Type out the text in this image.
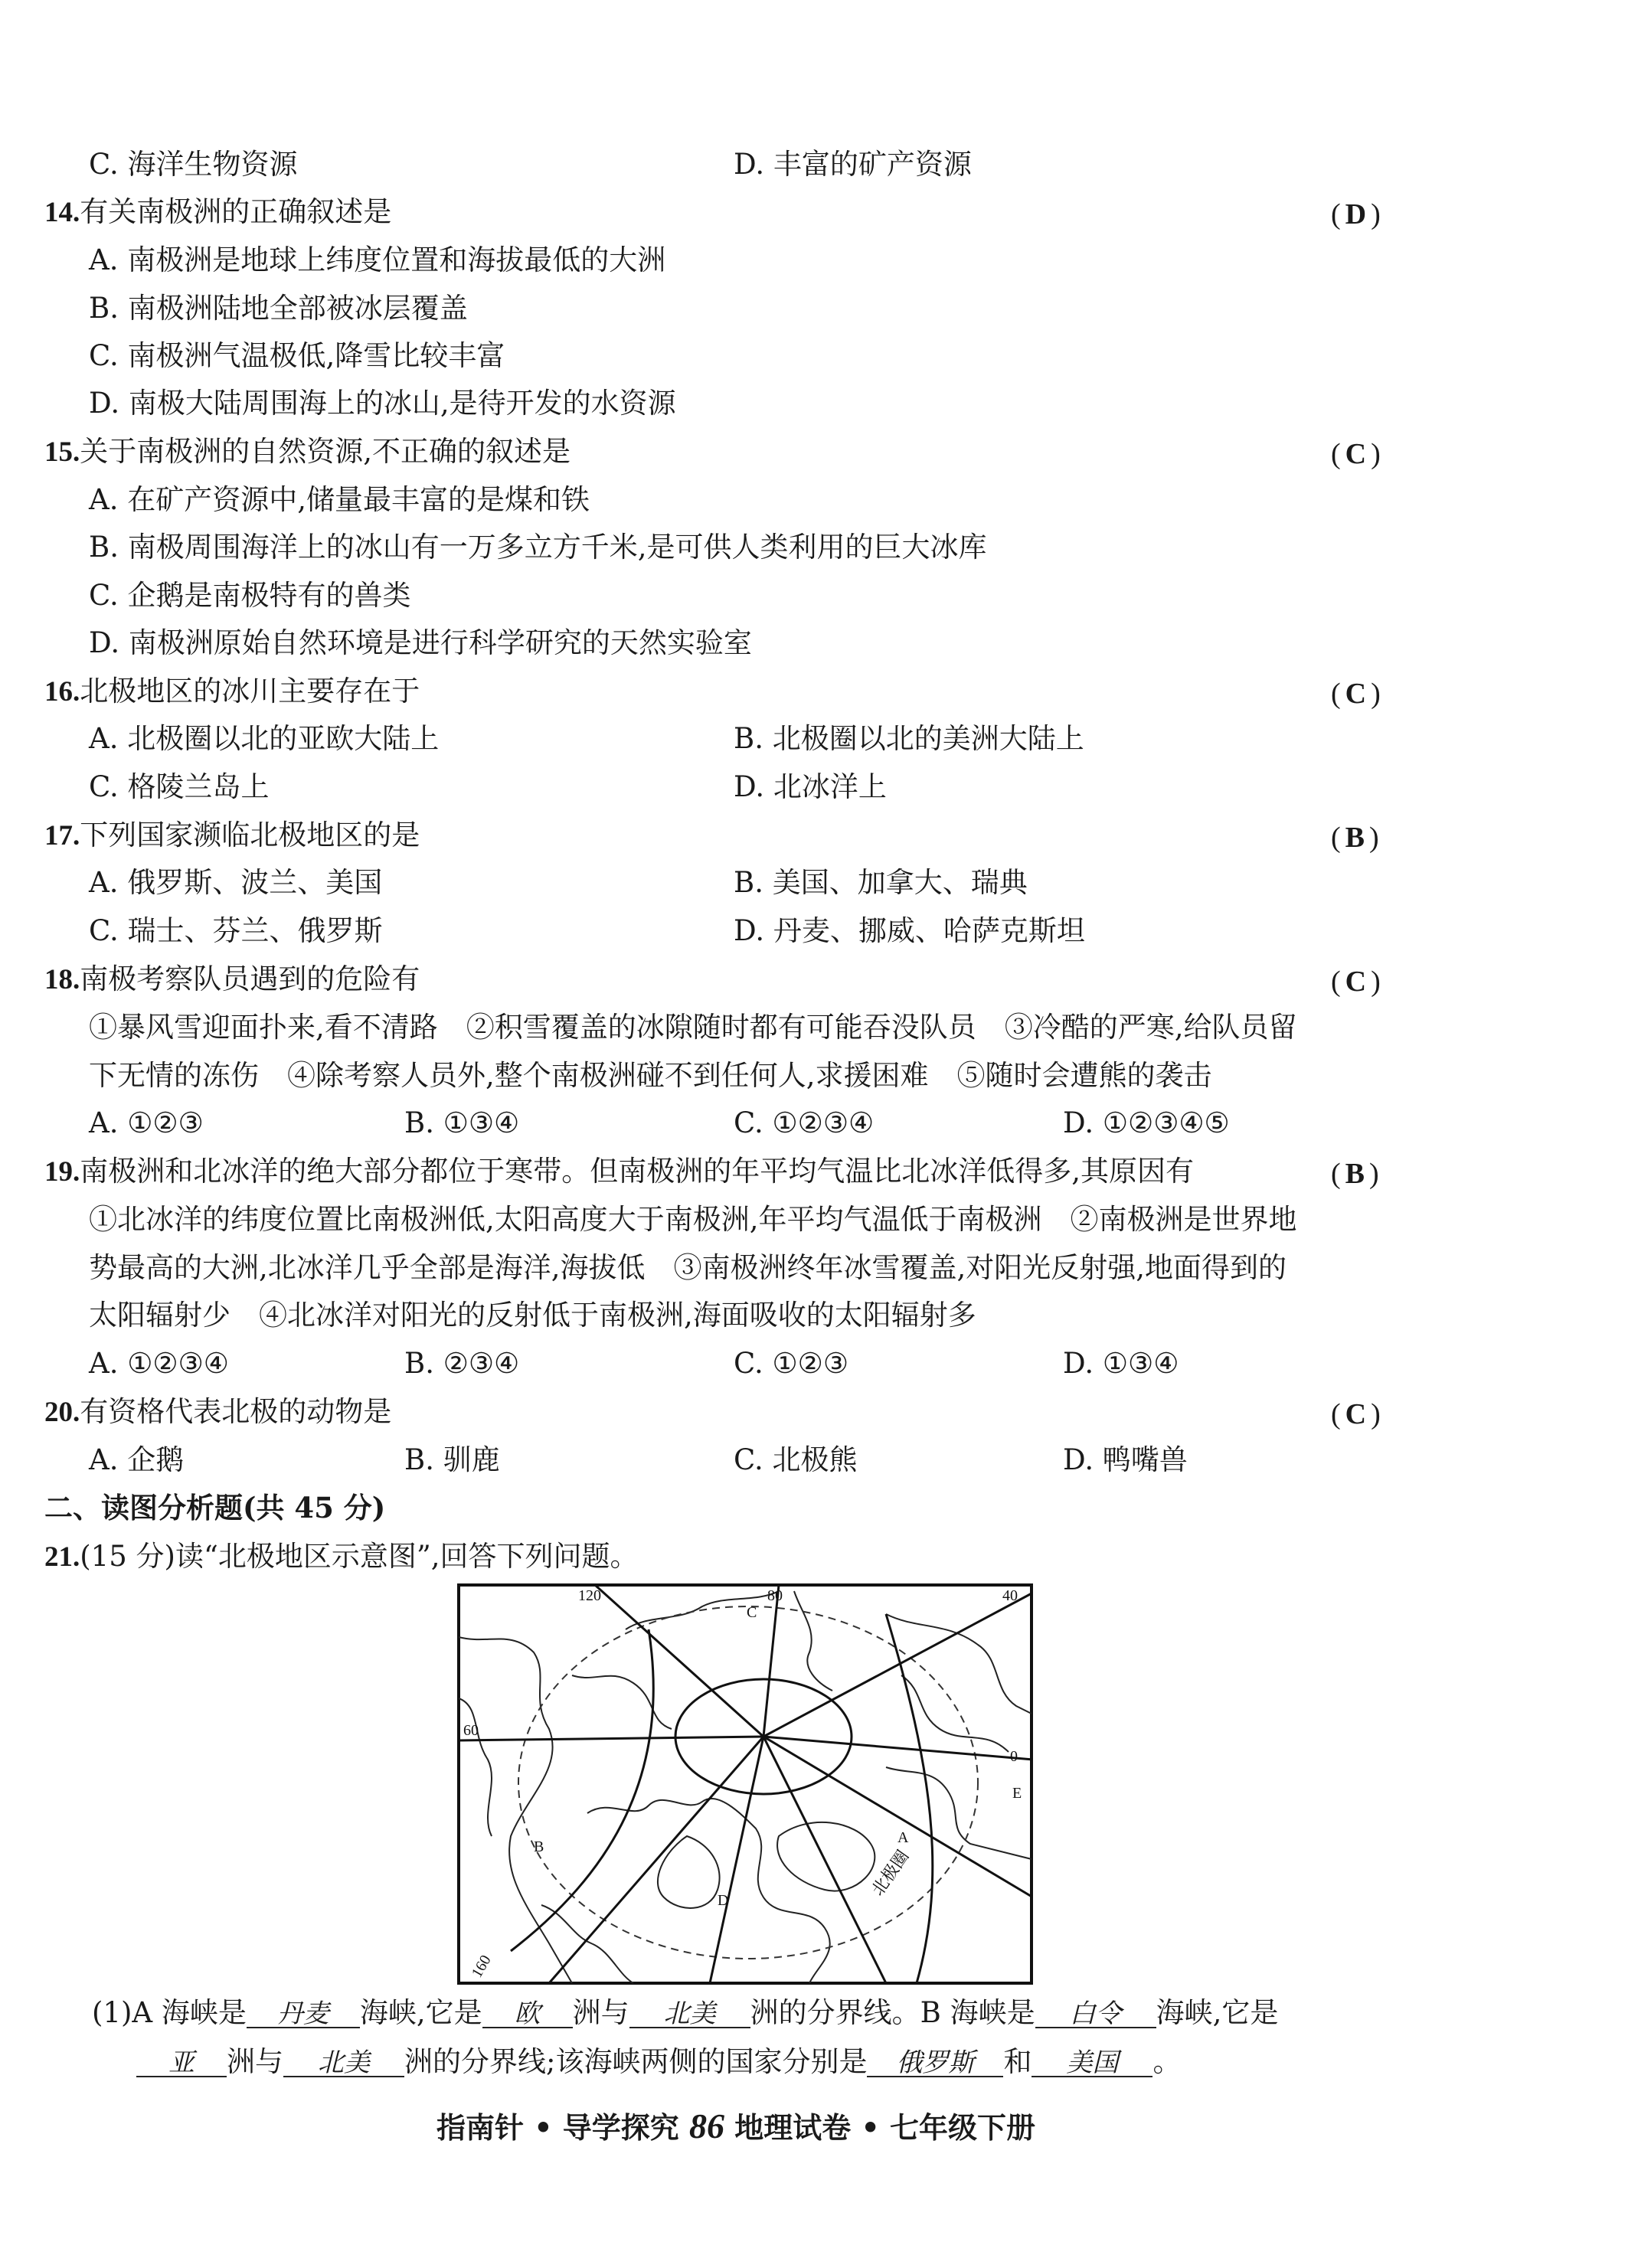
C. 海洋生物资源	D. 丰富的矿产资源
14.有关南极洲的正确叙述是	(D)
A. 南极洲是地球上纬度位置和海拔最低的大洲
B. 南极洲陆地全部被冰层覆盖
C. 南极洲气温极低,降雪比较丰富
D. 南极大陆周围海上的冰山,是待开发的水资源
15.关于南极洲的自然资源,不正确的叙述是	(C)
A. 在矿产资源中,储量最丰富的是煤和铁
B. 南极周围海洋上的冰山有一万多立方千米,是可供人类利用的巨大冰库
C. 企鹅是南极特有的兽类
D. 南极洲原始自然环境是进行科学研究的天然实验室
16.北极地区的冰川主要存在于	(C)
A. 北极圈以北的亚欧大陆上	B. 北极圈以北的美洲大陆上
C. 格陵兰岛上	D. 北冰洋上
17.下列国家濒临北极地区的是	(B)
A. 俄罗斯、波兰、美国	B. 美国、加拿大、瑞典
C. 瑞士、芬兰、俄罗斯	D. 丹麦、挪威、哈萨克斯坦
18.南极考察队员遇到的危险有	(C)
①暴风雪迎面扑来,看不清路　②积雪覆盖的冰隙随时都有可能吞没队员　③冷酷的严寒,给队员留
下无情的冻伤　④除考察人员外,整个南极洲碰不到任何人,求援困难　⑤随时会遭熊的袭击
A. ①②③	B. ①③④	C. ①②③④	D. ①②③④⑤
19.南极洲和北冰洋的绝大部分都位于寒带。但南极洲的年平均气温比北冰洋低得多,其原因有	(B)
①北冰洋的纬度位置比南极洲低,太阳高度大于南极洲,年平均气温低于南极洲　②南极洲是世界地
势最高的大洲,北冰洋几乎全部是海洋,海拔低　③南极洲终年冰雪覆盖,对阳光反射强,地面得到的
太阳辐射少　④北冰洋对阳光的反射低于南极洲,海面吸收的太阳辐射多
A. ①②③④	B. ②③④	C. ①②③	D. ①③④
20.有资格代表北极的动物是	(C)
A. 企鹅	B. 驯鹿	C. 北极熊	D. 鸭嘴兽
二、读图分析题(共 45 分)
21.(15 分)读“北极地区示意图”,回答下列问题。
120	80	40
60
0
160
C
E
D
A
B	北极圈
(1)A 海峡是 丹麦 海峡,它是 欧 洲与 北美 洲的分界线。B 海峡是 白令 海峡,它是
亚 洲与 北美 洲的分界线;该海峡两侧的国家分别是 俄罗斯 和 美国 。
指南针 • 导学探究 86 地理试卷 • 七年级下册
